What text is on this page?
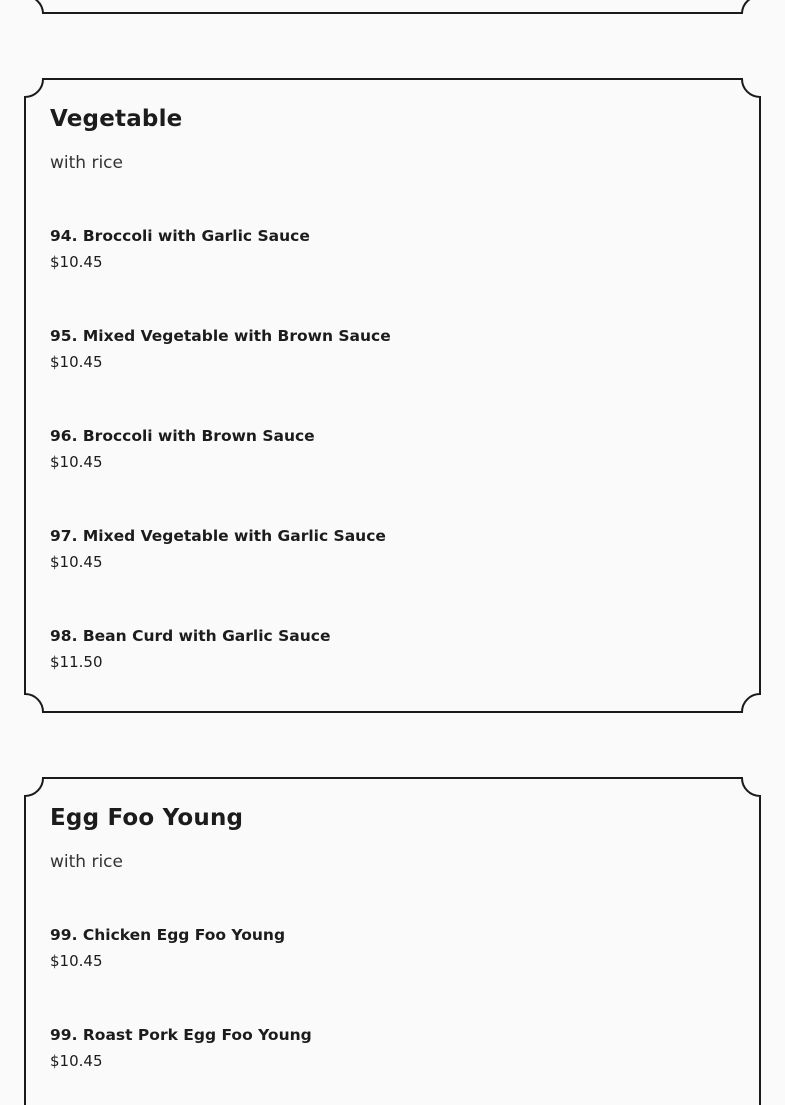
Vegetable

with rice

94. Broccoli with Garlic Sauce
$10.45
95. Mixed Vegetable with Brown Sauce
$10.45
96. Broccoli with Brown Sauce
$10.45
97. Mixed Vegetable with Garlic Sauce
$10.45
98. Bean Curd with Garlic Sauce
$11.50
Egg Foo Young

with rice

99. Chicken Egg Foo Young
$10.45
99. Roast Pork Egg Foo Young
$10.45
